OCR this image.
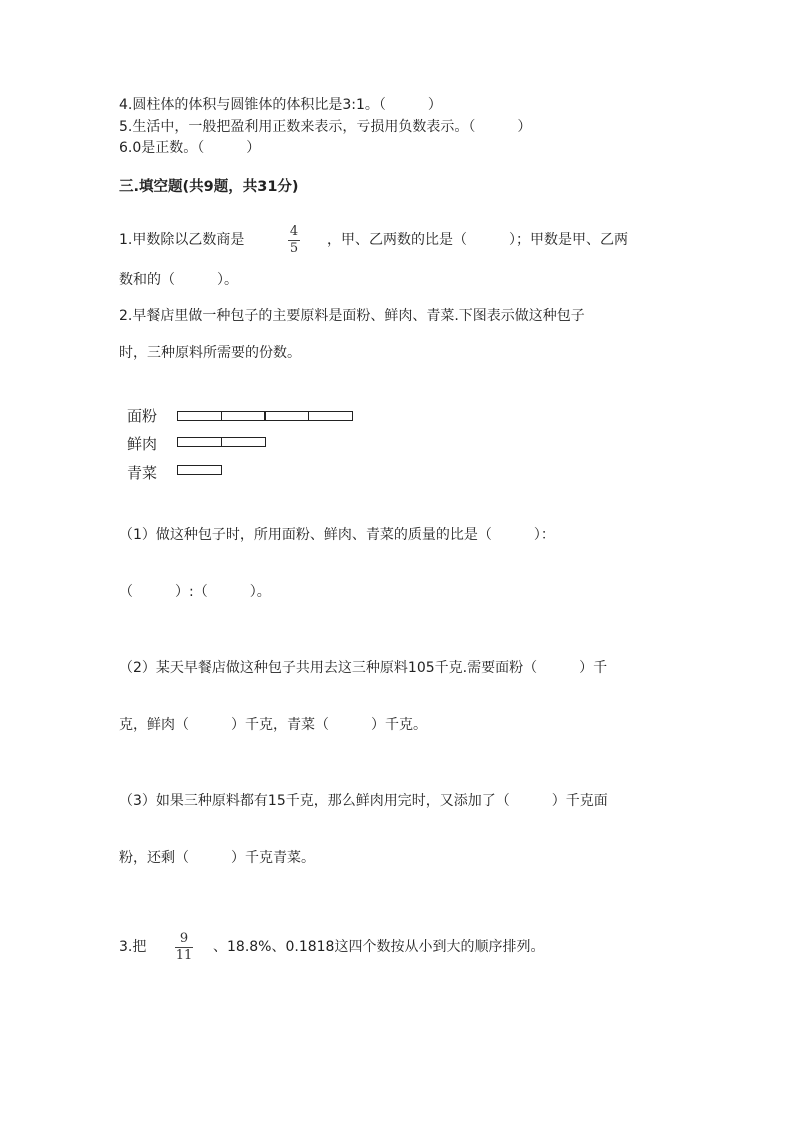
4.圆柱体的体积与圆锥体的体积比是3:1。（　　　）
5.生活中，一般把盈利用正数来表示，亏损用负数表示。（　　　）
6.0是正数。（　　　）
三.填空题(共9题，共31分)
1.甲数除以乙数商是
4
5
，甲、乙两数的比是（　　　）；甲数是甲、乙两
数和的（　　　）。
2.早餐店里做一种包子的主要原料是面粉、鲜肉、青菜.下图表示做这种包子
时，三种原料所需要的份数。
面粉
鲜肉
青菜
（1）做这种包子时，所用面粉、鲜肉、青菜的质量的比是（　　　）：
（　　　）:（　　　）。
（2）某天早餐店做这种包子共用去这三种原料105千克.需要面粉（　　　）千
克，鲜肉（　　　）千克，青菜（　　　）千克。
（3）如果三种原料都有15千克，那么鲜肉用完时，又添加了（　　　）千克面
粉，还剩（　　　）千克青菜。
3.把
9
11
、18.8%、0.1818这四个数按从小到大的顺序排列。
